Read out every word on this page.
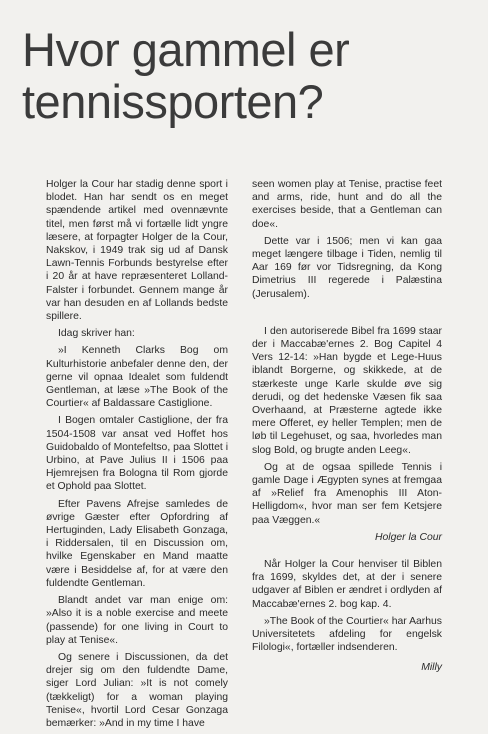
Hvor gammel er
tennissporten?

Holger la Cour har stadig denne sport i blodet. Han har sendt os en meget spændende artikel med ovennævnte titel, men først må vi fortælle lidt yngre læsere, at forpagter Holger de la Cour, Nakskov, i 1949 trak sig ud af Dansk Lawn-Tennis Forbunds bestyrelse efter i 20 år at have repræsenteret Lolland-Falster i forbundet. Gennem mange år var han desuden en af Lollands bedste spillere.

Idag skriver han:

»I Kenneth Clarks Bog om Kulturhistorie anbefaler denne den, der gerne vil opnaa Idealet som fuldendt Gentleman, at læse »The Book of the Courtier« af Baldassare Castiglione.

I Bogen omtaler Castiglione, der fra 1504-1508 var ansat ved Hoffet hos Guidobaldo of Montefeltso, paa Slottet i Urbino, at Pave Julius II i 1506 paa Hjemrejsen fra Bologna til Rom gjorde et Ophold paa Slottet.

Efter Pavens Afrejse samledes de øvrige Gæster efter Opfordring af Hertuginden, Lady Elisabeth Gonzaga, i Riddersalen, til en Discussion om, hvilke Egenskaber en Mand maatte være i Besiddelse af, for at være den fuldendte Gentleman.

Blandt andet var man enige om: »Also it is a noble exercise and meete (passende) for one living in Court to play at Tenise«.

Og senere i Discussionen, da det drejer sig om den fuldendte Dame, siger Lord Julian: »It is not comely (tækkeligt) for a woman playing Tenise«, hvortil Lord Cesar Gonzaga bemærker: »And in my time I have

seen women play at Tenise, practise feet and arms, ride, hunt and do all the exercises beside, that a Gentleman can doe«.

Dette var i 1506; men vi kan gaa meget længere tilbage i Tiden, nemlig til Aar 169 før vor Tidsregning, da Kong Dimetrius III regerede i Palæstina (Jerusalem).

I den autoriserede Bibel fra 1699 staar der i Maccabæ'ernes 2. Bog Capitel 4 Vers 12-14: »Han bygde et Lege-Huus iblandt Borgerne, og skikkede, at de stærkeste unge Karle skulde øve sig derudi, og det hedenske Væsen fik saa Overhaand, at Præsterne agtede ikke mere Offeret, ey heller Templen; men de løb til Legehuset, og saa, hvorledes man slog Bold, og brugte anden Leeg«.

Og at de ogsaa spillede Tennis i gamle Dage i Ægypten synes at fremgaa af »Relief fra Amenophis III Aton-Helligdom«, hvor man ser fem Ketsjere paa Væggen.«

Holger la Cour

Når Holger la Cour henviser til Biblen fra 1699, skyldes det, at der i senere udgaver af Biblen er ændret i ordlyden af Maccabæ'ernes 2. bog kap. 4.

»The Book of the Courtier« har Aarhus Universitetets afdeling for engelsk Filologi«, fortæller indsenderen.

Milly
